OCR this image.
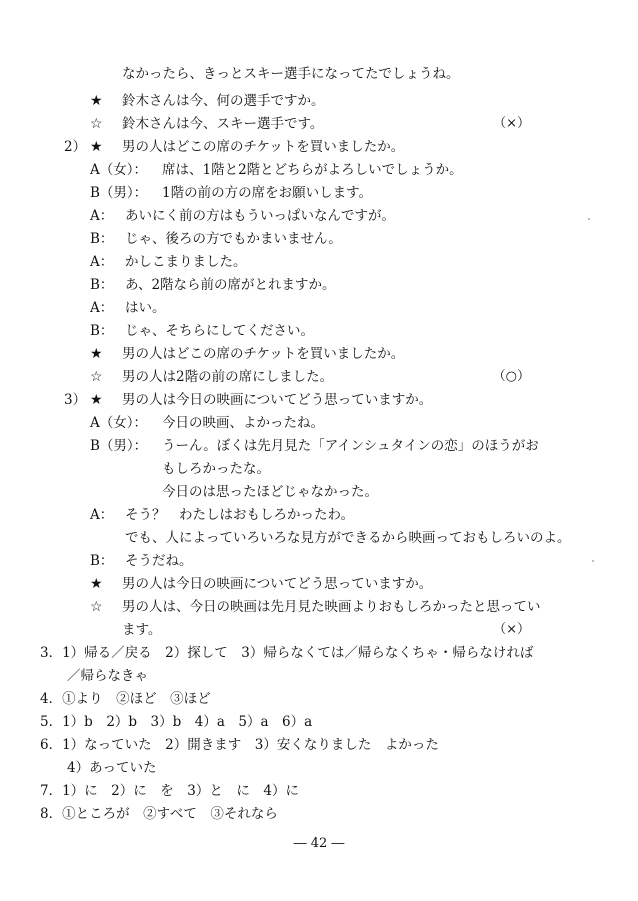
なかったら、きっとスキー選手になってたでしょうね。
★ 鈴木さんは今、何の選手ですか。
☆ 鈴木さんは今、スキー選手です。	（×）
2） ★ 男の人はどこの席のチケットを買いましたか。
A（女）： 席は、1階と2階とどちらがよろしいでしょうか。
B（男）： 1階の前の方の席をお願いします。
A： あいにく前の方はもういっぱいなんですが。
B： じゃ、後ろの方でもかまいません。
A： かしこまりました。
B： あ、2階なら前の席がとれますか。
A： はい。
B： じゃ、そちらにしてください。
★ 男の人はどこの席のチケットを買いましたか。
☆ 男の人は2階の前の席にしました。	（○）
3） ★ 男の人は今日の映画についてどう思っていますか。
A（女）： 今日の映画、よかったね。
B（男）： うーん。ぼくは先月見た「アインシュタインの恋」のほうがお
もしろかったな。
今日のは思ったほどじゃなかった。
A： そう？　わたしはおもしろかったわ。
でも、人によっていろいろな見方ができるから映画っておもしろいのよ。
B： そうだね。
★ 男の人は今日の映画についてどう思っていますか。
☆ 男の人は、今日の映画は先月見た映画よりおもしろかったと思ってい
ます。	（×）
3．1）帰る／戻る　2）探して　3）帰らなくては／帰らなくちゃ・帰らなければ
　　／帰らなきゃ
4．①より　②ほど　③ほど
5．1）b　2）b　3）b　4）a　5）a　6）a
6．1）なっていた　2）開きます　3）安くなりました　よかった
　　4）あっていた
7．1）に　2）に　を　3）と　に　4）に
8．①ところが　②すべて　③それなら
― 42 ―
